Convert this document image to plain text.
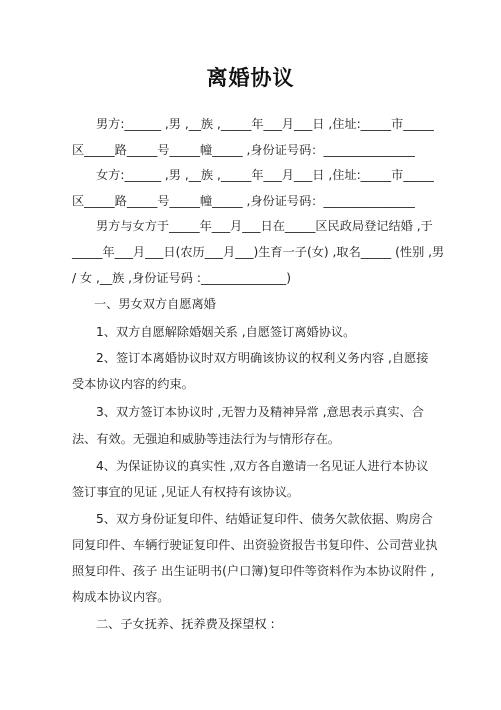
离婚协议
男方:______ ,男 ,__族 ,_____年___月___日 ,住址:_____市_____
区_____路_____号_____幢_____ ,身份证号码：_______________
女方:______ ,男 ,__族 ,_____年___月___日 ,住址:_____市_____
区_____路_____号_____幢_____ ,身份证号码：_______________
男方与女方于_____年___月___日在_____区民政局登记结婚 ,于
_____年___月___日(农历___月___)生育一子(女) ,取名_____ (性别 ,男
/ 女 ,__族 ,身份证号码 :______________)
一、男女双方自愿离婚
1、双方自愿解除婚姻关系 ,自愿签订离婚协议。
2、签订本离婚协议时双方明确该协议的权利义务内容 ,自愿接
受本协议内容的约束。
3、双方签订本协议时 ,无智力及精神异常 ,意思表示真实、合
法、有效。无强迫和威胁等违法行为与情形存在。
4、为保证协议的真实性 ,双方各自邀请一名见证人进行本协议
签订事宜的见证 ,见证人有权持有该协议。
5、双方身份证复印件、结婚证复印件、债务欠款依据、购房合
同复印件、车辆行驶证复印件、出资验资报告书复印件、公司营业执
照复印件、孩子 出生证明书(户口簿)复印件等资料作为本协议附件 ,
构成本协议内容。
二、子女抚养、抚养费及探望权 :
